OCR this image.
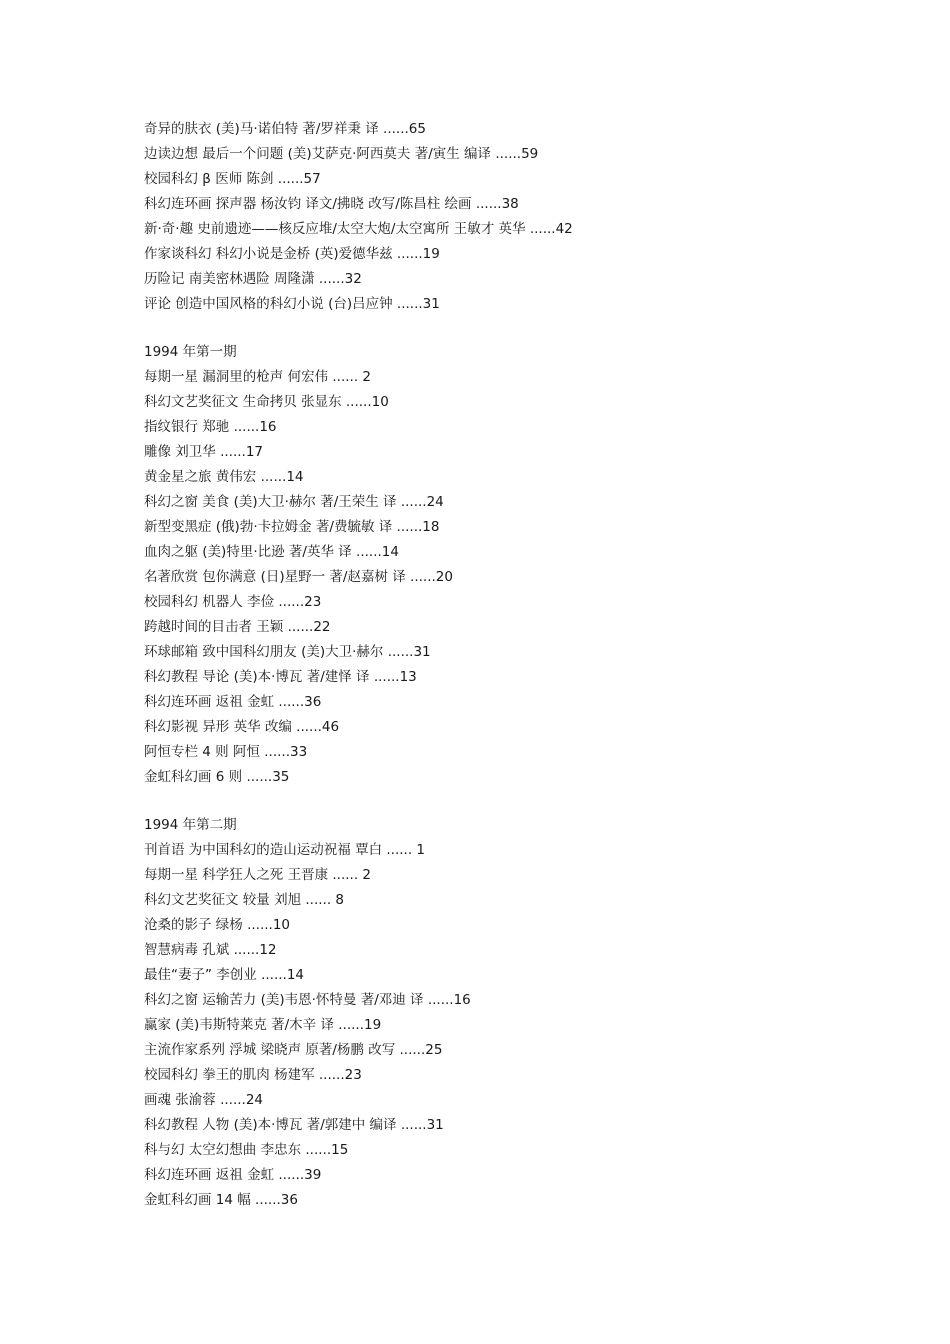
奇异的肤衣 (美)马·诺伯特 著/罗祥秉 译 ......65
边读边想 最后一个问题 (美)艾萨克·阿西莫夫 著/寅生 编译 ......59
校园科幻 β 医师 陈剑 ......57
科幻连环画 探声器 杨汝钧 译文/拂晓 改写/陈昌柱 绘画 ......38
新·奇·趣 史前遗迹——核反应堆/太空大炮/太空寓所 王敏才 英华 ......42
作家谈科幻 科幻小说是金桥 (英)爱德华兹 ......19
历险记 南美密林遇险 周隆潇 ......32
评论 创造中国风格的科幻小说 (台)吕应钟 ......31
1994 年第一期
每期一星 漏洞里的枪声 何宏伟 ...... 2
科幻文艺奖征文 生命拷贝 张显东 ......10
指纹银行 郑驰 ......16
雕像 刘卫华 ......17
黄金星之旅 黄伟宏 ......14
科幻之窗 美食 (美)大卫·赫尔 著/王荣生 译 ......24
新型变黑症 (俄)勃·卡拉姆金 著/费毓敏 译 ......18
血肉之躯 (美)特里·比逊 著/英华 译 ......14
名著欣赏 包你满意 (日)星野一 著/赵嘉树 译 ......20
校园科幻 机器人 李俭 ......23
跨越时间的目击者 王颖 ......22
环球邮箱 致中国科幻朋友 (美)大卫·赫尔 ......31
科幻教程 导论 (美)本·博瓦 著/建怿 译 ......13
科幻连环画 返祖 金虹 ......36
科幻影视 异形 英华 改编 ......46
阿恒专栏 4 则 阿恒 ......33
金虹科幻画 6 则 ......35
1994 年第二期
刊首语 为中国科幻的造山运动祝福 覃白 ...... 1
每期一星 科学狂人之死 王晋康 ...... 2
科幻文艺奖征文 较量 刘旭 ...... 8
沧桑的影子 绿杨 ......10
智慧病毒 孔斌 ......12
最佳“妻子” 李创业 ......14
科幻之窗 运输苦力 (美)韦恩·怀特曼 著/邓迪 译 ......16
赢家 (美)韦斯特莱克 著/木辛 译 ......19
主流作家系列 浮城 梁晓声 原著/杨鹏 改写 ......25
校园科幻 拳王的肌肉 杨建军 ......23
画魂 张渝蓉 ......24
科幻教程 人物 (美)本·博瓦 著/郭建中 编译 ......31
科与幻 太空幻想曲 李忠东 ......15
科幻连环画 返祖 金虹 ......39
金虹科幻画 14 幅 ......36
